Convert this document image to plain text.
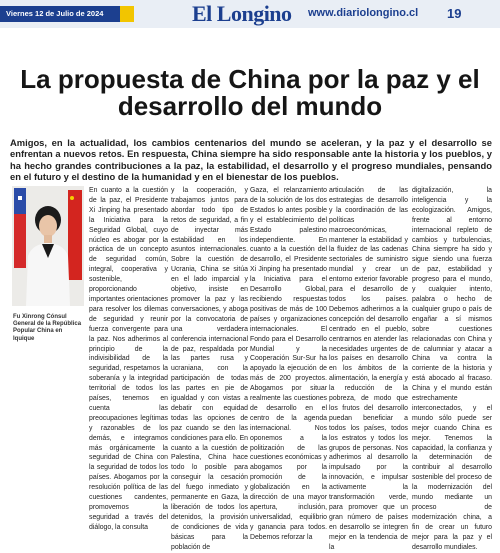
Viernes 12 de Julio de 2024	El Longino www.diariolongino.cl 19
La propuesta de China por la paz y el desarrollo del mundo
Amigos, en la actualidad, los cambios centenarios del mundo se aceleran, y la paz y el desarrollo se enfrentan a nuevos retos. En respuesta, China siempre ha sido responsable ante la historia y los pueblos, y ha hecho grandes contribuciones a la paz, la estabilidad, el desarrollo y el progreso mundiales, pensando en el futuro y el destino de la humanidad y en el bienestar de los pueblos.
Fu Xinrong Cónsul General de la República Popular China en Iquique
En cuanto a la cuestión de la paz, el Presidente Xi Jinping ha presentado la Iniciativa para la Seguridad Global, cuyo núcleo es abogar por la práctica de un concepto de seguridad común, integral, cooperativa y sostenible, proporcionando importantes orientaciones para resolver los dilemas de seguridad y reunir fuerza convergente para la paz. Nos adherimos al principio de la indivisibilidad de la seguridad, respetamos la soberanía y la integridad territorial de todos los países, tenemos en cuenta las preocupaciones legítimas y razonables de los demás, e integramos más orgánicamente la seguridad de China con la seguridad de todos los países. Abogamos por la resolución política de las cuestiones candentes, promovemos la seguridad a través del diálogo, la consulta
y la cooperación, y trabajamos juntos para abordar todo tipo de retos de seguridad, a fin de inyectar más estabilidad en los asuntos internacionales. Sobre la cuestión de Ucrania, China se sitúa en el lado imparcial y objetivo, insiste en promover la paz y las conversaciones, y aboga por la convocatoria de una verdadera conferencia internacional de paz, respaldada por las partes rusa y ucraniana, con la participación de todas las partes en pie de igualdad y con vistas a debatir con equidad todas las opciones de paz cuando se den las condiciones para ello. En cuanto a la cuestión de Palestina, China hace todo lo posible para conseguir la cesación del fuego inmediato y permanente en Gaza, la liberación de todos los detenidos, la provisión de condiciones de vida básicas para la población de
Gaza, el relanzamiento de la solución de los dos Estados lo antes posible y el establecimiento del Estado palestino independiente. En cuanto a la cuestión del desarrollo, el Presidente Xi Jinping ha presentado la Iniciativa para el Desarrollo Global, recibiendo respuestas positivas de más de 100 países y organizaciones internacionales. El Fondo para el Desarrollo Mundial y la Cooperación Sur-Sur ha apoyado la ejecución de más de 200 proyectos. Abogamos por situar realmente las cuestiones de desarrollo en el centro de la agenda internacional. Nos oponemos a la politización de las cuestiones económicas y abogamos por la promoción de la globalización en la dirección de una mayor apertura, inclusión, universalidad, equilibrio y ganancia para todos. Debemos reforzar la
articulación de las estrategias de desarrollo y la coordinación de las políticas macroeconómicas, mantener la estabilidad y la fluidez de las cadenas sectoriales de suministro mundial y crear un entorno exterior favorable para el desarrollo de todos los países. Debemos adherirnos a la concepción del desarrollo centrado en el pueblo, centrarnos en atender las necesidades urgentes de los países en desarrollo en los ámbitos de la alimentación, la energía y la reducción de la pobreza, de modo que los frutos del desarrollo puedan beneficiar a todos los países, todos los estratos y todos los grupos de personas. Nos adherimos al desarrollo impulsado por la innovación, e impulsar activamente la transformación verde, para promover que un gran número de países en desarrollo se integren mejor en la tendencia de la
digitalización, la inteligencia y la ecologización. Amigos, frente al entorno internacional repleto de cambios y turbulencias, China siempre ha sido y sigue siendo una fuerza de paz, estabilidad y progreso para el mundo, y cualquier intento, palabra o hecho de cualquier grupo o país de engañar a sí mismos sobre cuestiones relacionadas con China y de calumniar y atacar a China va contra la corriente de la historia y está abocado al fracaso. China y el mundo están estrechamente interconectados, y el mundo sólo puede ser mejor cuando China es mejor. Tenemos la capacidad, la confianza y la determinación de contribuir al desarrollo sostenible del proceso de la modernización del mundo mediante un proceso de modernización china, a fin de crear un futuro mejor para la paz y el desarrollo mundiales.
